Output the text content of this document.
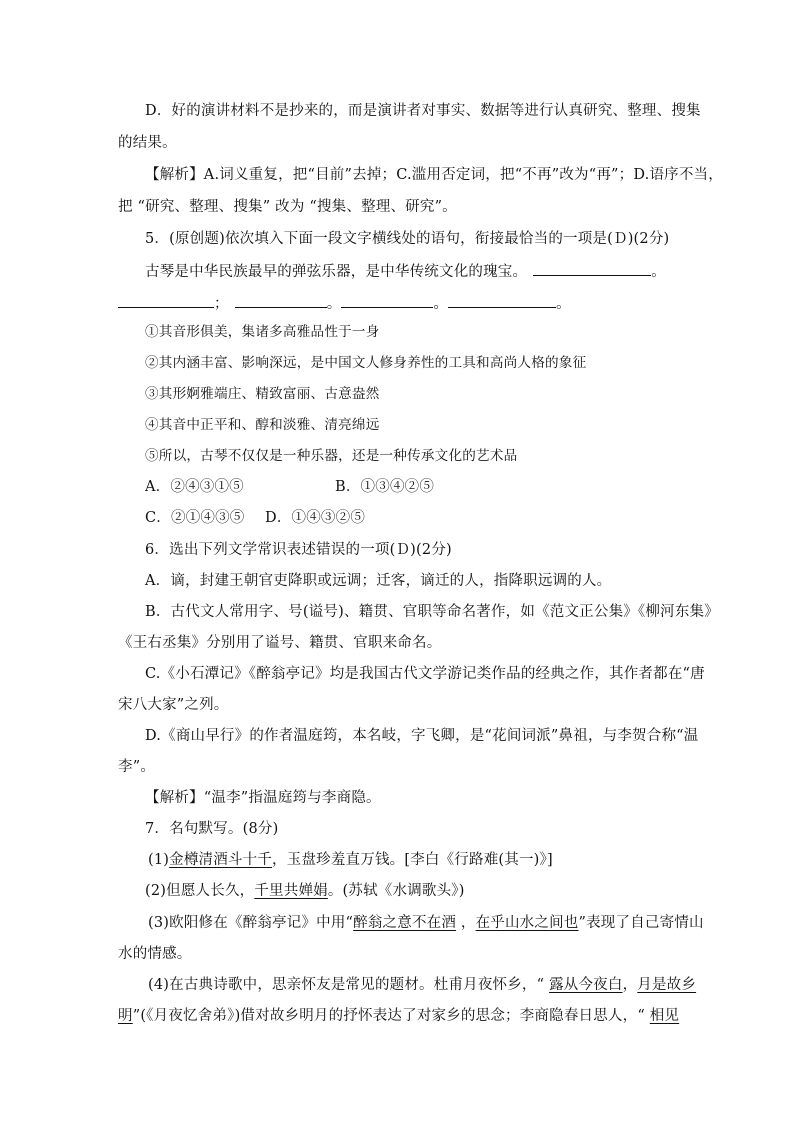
D．好的演讲材料不是抄来的，而是演讲者对事实、数据等进行认真研究、整理、搜集
的结果。
【解析】A.词义重复，把“目前”去掉；C.滥用否定词，把“不再”改为“再”；D.语序不当，
把 “研究、整理、搜集” 改为 “搜集、整理、研究”。
5．(原创题)依次填入下面一段文字横线处的语句，衔接最恰当的一项是(Ｄ)(2分)
古琴是中华民族最早的弹弦乐器，是中华传统文化的瑰宝。	。
；	。	。	。
①其音形俱美，集诸多高雅品性于一身
②其内涵丰富、影响深远，是中国文人修身养性的工具和高尚人格的象征
③其形婀雅端庄、精致富丽、古意盎然
④其音中正平和、醇和淡雅、清亮绵远
⑤所以，古琴不仅仅是一种乐器，还是一种传承文化的艺术品
A．②④③①⑤	B．①③④②⑤
C．②①④③⑤ D．①④③②⑤
6．选出下列文学常识表述错误的一项(Ｄ)(2分)
A．谪，封建王朝官吏降职或远调；迁客，谪迁的人，指降职远调的人。
B．古代文人常用字、号(谥号)、籍贯、官职等命名著作，如《范文正公集》《柳河东集》
《王右丞集》分别用了谥号、籍贯、官职来命名。
C.《小石潭记》《醉翁亭记》均是我国古代文学游记类作品的经典之作，其作者都在“唐
宋八大家”之列。
D.《商山早行》的作者温庭筠，本名岐，字飞卿，是“花间词派”鼻祖，与李贺合称“温
李”。
【解析】“温李”指温庭筠与李商隐。
7．名句默写。(8分)
(1)金樽清酒斗十千，玉盘珍羞直万钱。[李白《行路难(其一)》]
(2)但愿人长久，千里共婵娟。(苏轼《水调歌头》)
(3)欧阳修在《醉翁亭记》中用“醉翁之意不在酒 ，在乎山水之间也”表现了自己寄情山
水的情感。
(4)在古典诗歌中，思亲怀友是常见的题材。杜甫月夜怀乡，“ 露从今夜白，月是故乡
明”(《月夜忆舍弟》)借对故乡明月的抒怀表达了对家乡的思念；李商隐春日思人，“ 相见
